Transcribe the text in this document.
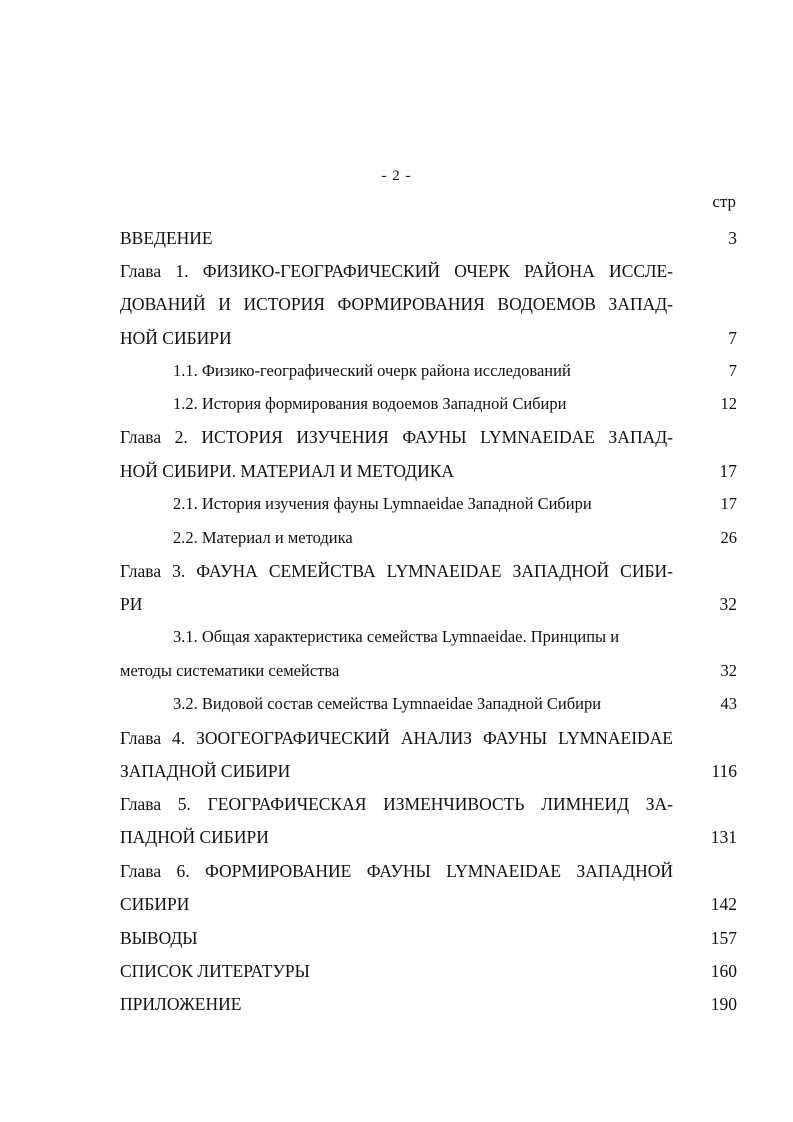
- 2 -
стр
ВВЕДЕНИЕ	3
Глава 1. ФИЗИКО-ГЕОГРАФИЧЕСКИЙ ОЧЕРК РАЙОНА ИССЛЕ-
ДОВАНИЙ И ИСТОРИЯ ФОРМИРОВАНИЯ ВОДОЕМОВ ЗАПАД-
НОЙ СИБИРИ	7
1.1. Физико-географический очерк района исследований	7
1.2. История формирования водоемов Западной Сибири	12
Глава 2. ИСТОРИЯ ИЗУЧЕНИЯ ФАУНЫ LYMNAEIDAE ЗАПАД-
НОЙ СИБИРИ. МАТЕРИАЛ И МЕТОДИКА	17
2.1. История изучения фауны Lymnaeidae Западной Сибири	17
2.2. Материал и методика	26
Глава 3. ФАУНА СЕМЕЙСТВА LYMNAEIDAE ЗАПАДНОЙ СИБИ-
РИ	32
3.1. Общая характеристика семейства Lymnaeidae. Принципы и
методы систематики семейства	32
3.2. Видовой состав семейства Lymnaeidae Западной Сибири	43
Глава 4. ЗООГЕОГРАФИЧЕСКИЙ АНАЛИЗ ФАУНЫ LYMNAEIDAE
ЗАПАДНОЙ СИБИРИ	116
Глава 5. ГЕОГРАФИЧЕСКАЯ ИЗМЕНЧИВОСТЬ ЛИМНЕИД ЗА-
ПАДНОЙ СИБИРИ	131
Глава 6. ФОРМИРОВАНИЕ ФАУНЫ LYMNAEIDAE ЗАПАДНОЙ
СИБИРИ	142
ВЫВОДЫ	157
СПИСОК ЛИТЕРАТУРЫ	160
ПРИЛОЖЕНИЕ	190
